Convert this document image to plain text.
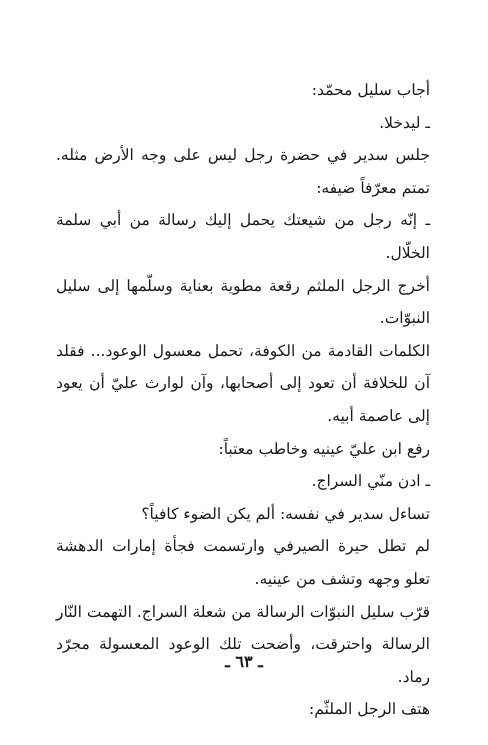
أجاب سليل محمّد:

ـ ليدخلا.

جلس سدير في حضرة رجل ليس على وجه الأرض مثله. تمتم معرّفاً ضيفه:

ـ إنّه رجل من شيعتك يحمل إليك رسالة من أبي سلمة الخلّال.

أخرج الرجل الملثم رقعة مطوية بعناية وسلّمها إلى سليل النبوّات.

الكلمات القادمة من الكوفة، تحمل معسول الوعود... فقلد آن للخلافة أن تعود إلى أصحابها، وآن لوارث عليّ أن يعود إلى عاصمة أبيه.

رفع ابن عليّ عينيه وخاطب معتباً:

ـ ادن منّي السراج.

تساءل سدير في نفسه: ألم يكن الضوء كافياً؟

لم تطل حيرة الصيرفي وارتسمت فجأة إمارات الدهشة تعلو وجهه وتشف من عينيه.

قرّب سليل النبوّات الرسالة من شعلة السراج. التهمت النّار الرسالة واحترقت، وأضحت تلك الوعود المعسولة مجرّد رماد.

هتف الرجل الملثّم:

ـ ٦٣ ـ
